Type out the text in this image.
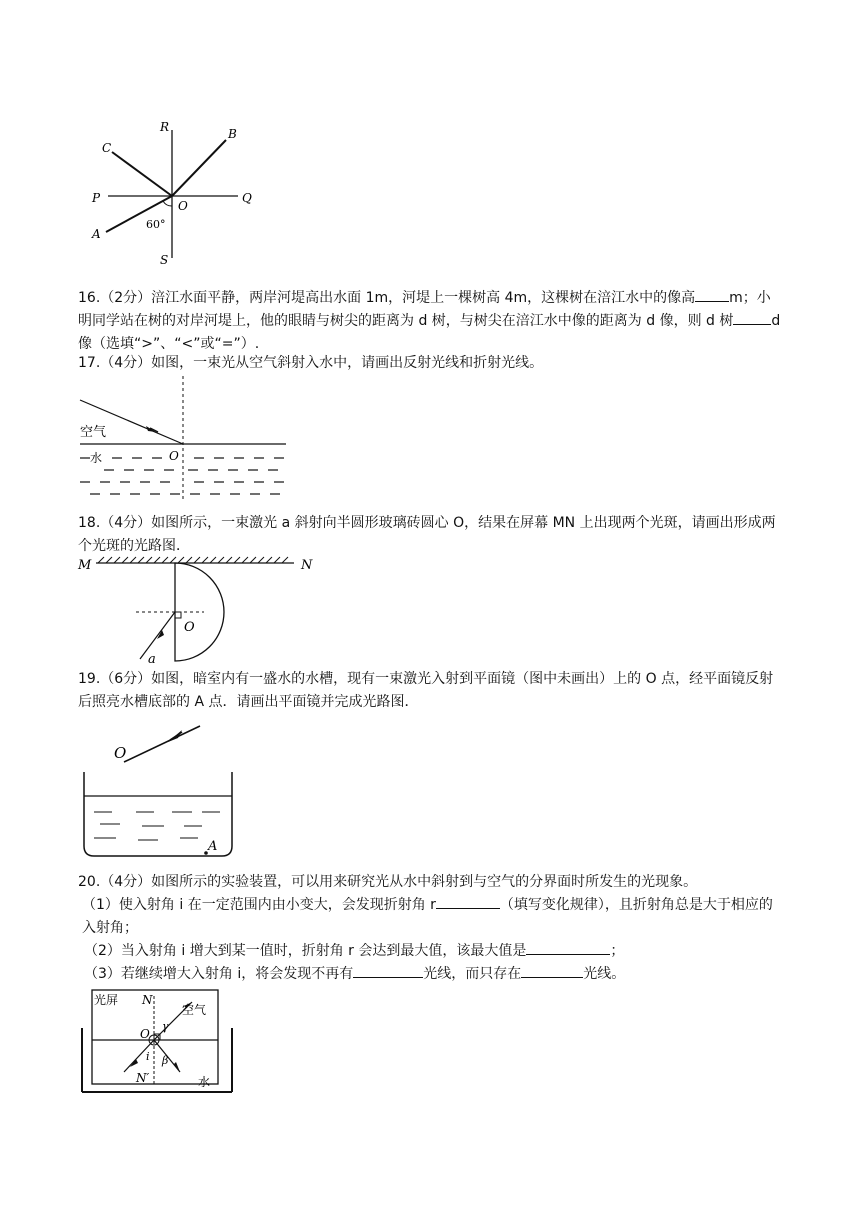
R	B
C
P
O
Q
A
S
60°
16.（2分）涪江水面平静，两岸河堤高出水面 1m，河堤上一棵树高 4m，这棵树在涪江水中的像高 m；小明同学站在树的对岸河堤上，他的眼睛与树尖的距离为 d 树，与树尖在涪江水中像的距离为 d 像，则 d 树	d 像（选填“>”、“<”或“=”）.
17.（4分）如图，一束光从空气斜射入水中，请画出反射光线和折射光线。
空气
水	O
18.（4分）如图所示，一束激光 a 斜射向半圆形玻璃砖圆心 O，结果在屏幕 MN 上出现两个光斑，请画出形成两个光斑的光路图．
N
M
O
a
19.（6分）如图，暗室内有一盛水的水槽，现有一束激光入射到平面镜（图中未画出）上的 O 点，经平面镜反射后照亮水槽底部的 A 点．请画出平面镜并完成光路图．
O
A
20.（4分）如图所示的实验装置，可以用来研究光从水中斜射到与空气的分界面时所发生的光现象。
（1）使入射角 i 在一定范围内由小变大，会发现折射角 r	（填写变化规律），且折射角总是大于相应的入射角；
（2）当入射角 i 增大到某一值时，折射角 r 会达到最大值，该最大值是	；
（3）若继续增大入射角 i，将会发现不再有	光线，而只存在	光线。
光屏 N
空气
O
γ
i β
N′	水
